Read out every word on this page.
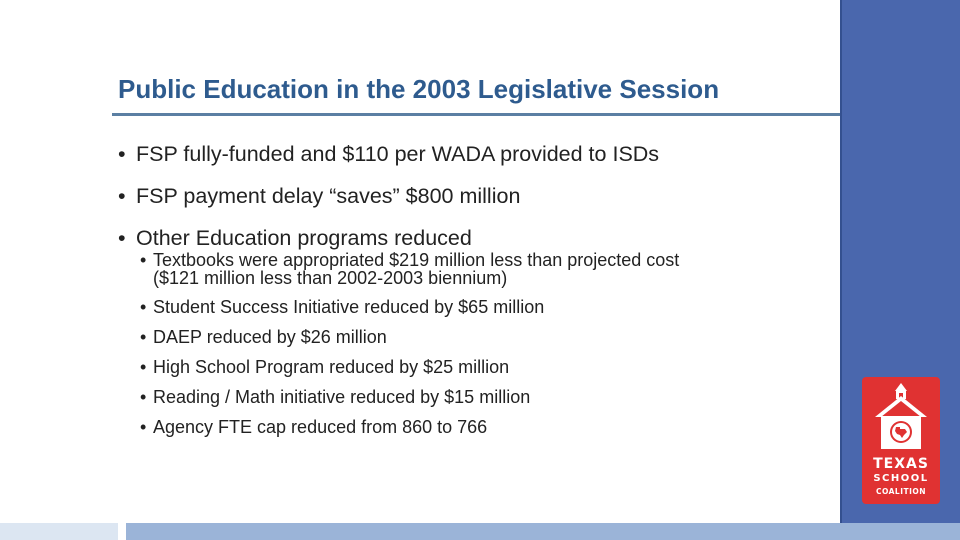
Public Education in the 2003 Legislative Session
• FSP fully-funded and $110 per WADA provided to ISDs
• FSP payment delay “saves” $800 million
• Other Education programs reduced
• Textbooks were appropriated $219 million less than projected cost
($121 million less than 2002-2003 biennium)
• Student Success Initiative reduced by $65 million
• DAEP reduced by $26 million
• High School Program reduced by $25 million
• Reading / Math initiative reduced by $15 million
• Agency FTE cap reduced from 860 to 766
TEXAS
SCHOOL
COALITION
